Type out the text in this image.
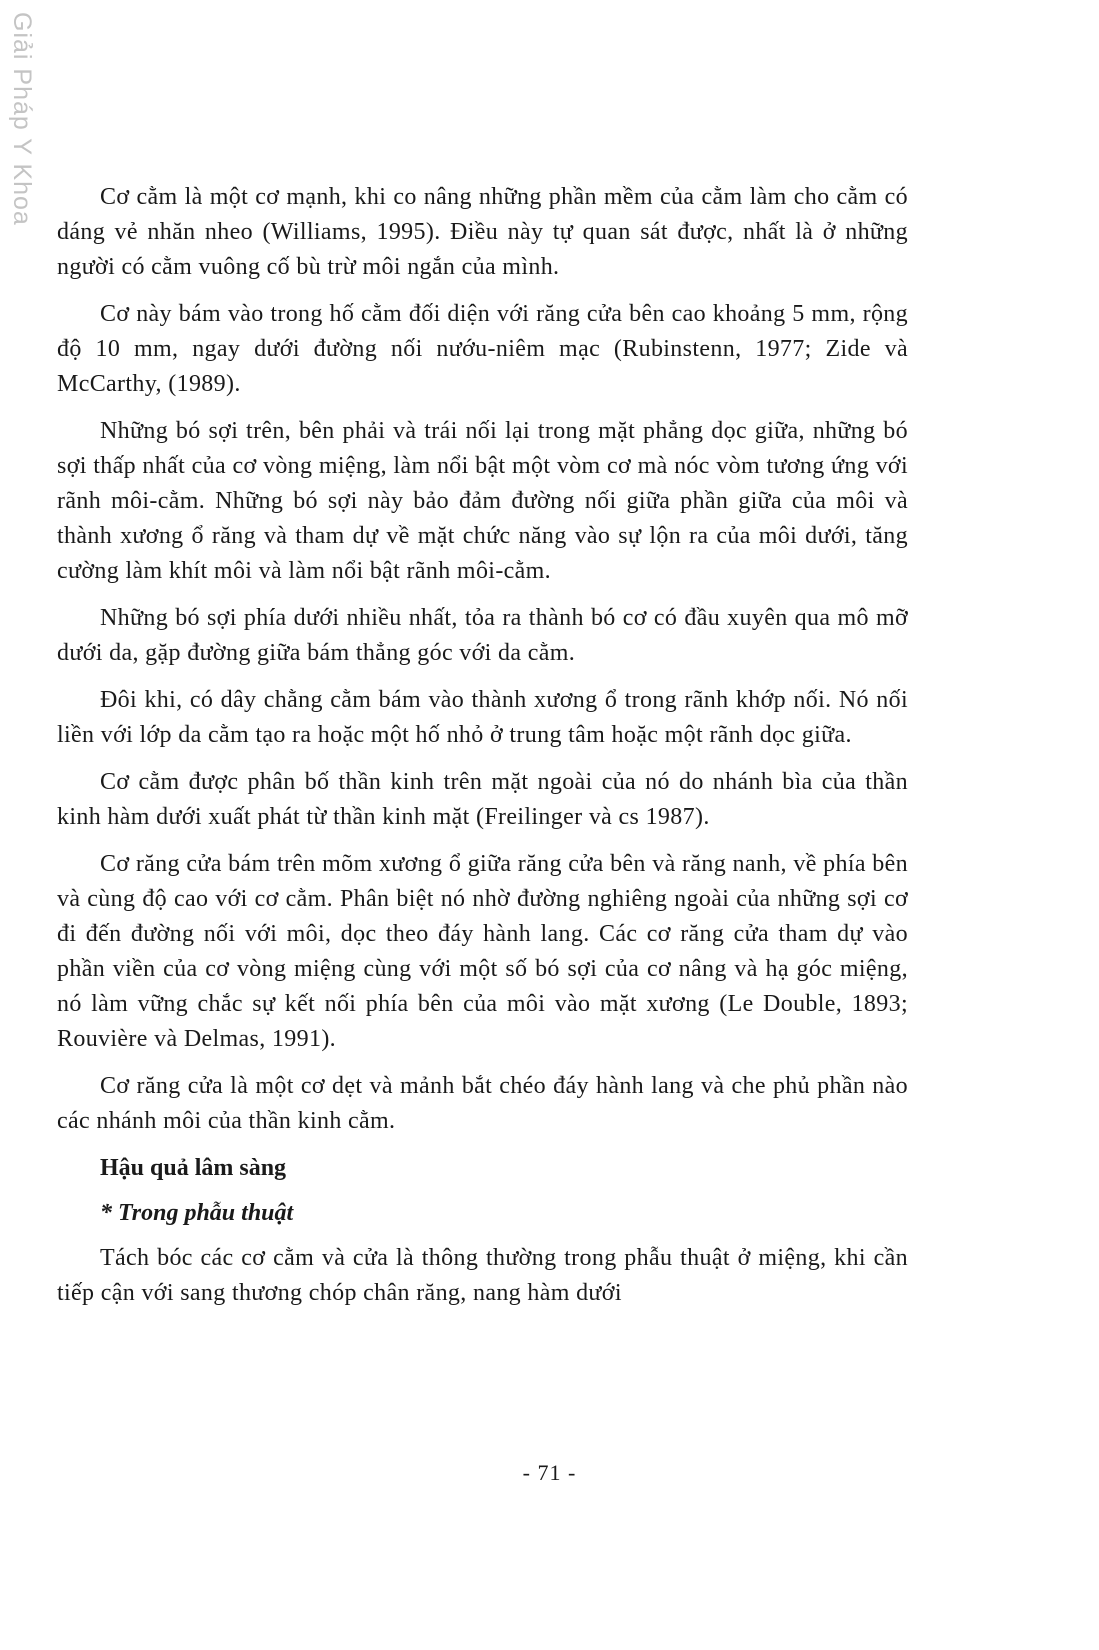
Giải Pháp Y Khoa	Cơ cằm là một cơ mạnh, khi co nâng những phần mềm của cằm làm cho cằm có dáng vẻ nhăn nheo (Williams, 1995). Điều này tự quan sát được, nhất là ở những người có cằm vuông cố bù trừ môi ngắn của mình.

Cơ này bám vào trong hố cằm đối diện với răng cửa bên cao khoảng 5 mm, rộng độ 10 mm, ngay dưới đường nối nướu-niêm mạc (Rubinstenn, 1977; Zide và McCarthy, (1989).

Những bó sợi trên, bên phải và trái nối lại trong mặt phẳng dọc giữa, những bó sợi thấp nhất của cơ vòng miệng, làm nổi bật một vòm cơ mà nóc vòm tương ứng với rãnh môi-cằm. Những bó sợi này bảo đảm đường nối giữa phần giữa của môi và thành xương ổ răng và tham dự về mặt chức năng vào sự lộn ra của môi dưới, tăng cường làm khít môi và làm nổi bật rãnh môi-cằm.

Những bó sợi phía dưới nhiều nhất, tỏa ra thành bó cơ có đầu xuyên qua mô mỡ dưới da, gặp đường giữa bám thẳng góc với da cằm.

Đôi khi, có dây chằng cằm bám vào thành xương ổ trong rãnh khớp nối. Nó nối liền với lớp da cằm tạo ra hoặc một hố nhỏ ở trung tâm hoặc một rãnh dọc giữa.

Cơ cằm được phân bố thần kinh trên mặt ngoài của nó do nhánh bìa của thần kinh hàm dưới xuất phát từ thần kinh mặt (Freilinger và cs 1987).

Cơ răng cửa bám trên mõm xương ổ giữa răng cửa bên và răng nanh, về phía bên và cùng độ cao với cơ cằm. Phân biệt nó nhờ đường nghiêng ngoài của những sợi cơ đi đến đường nối với môi, dọc theo đáy hành lang. Các cơ răng cửa tham dự vào phần viền của cơ vòng miệng cùng với một số bó sợi của cơ nâng và hạ góc miệng, nó làm vững chắc sự kết nối phía bên của môi vào mặt xương (Le Double, 1893; Rouvière và Delmas, 1991).

Cơ răng cửa là một cơ dẹt và mảnh bắt chéo đáy hành lang và che phủ phần nào các nhánh môi của thần kinh cằm.

Hậu quả lâm sàng

* Trong phẫu thuật

Tách bóc các cơ cằm và cửa là thông thường trong phẫu thuật ở miệng, khi cần tiếp cận với sang thương chóp chân răng, nang hàm dưới

- 71 -
